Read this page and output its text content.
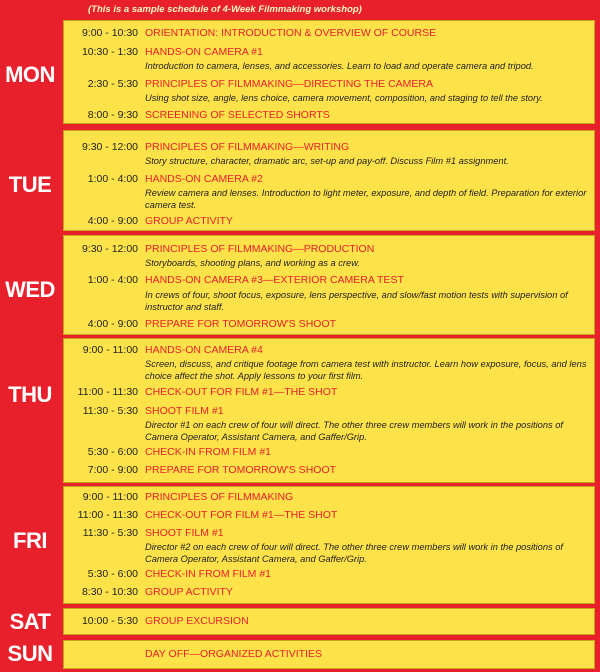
(This is a sample schedule of 4-Week Filmmaking workshop)
MON
9:00 - 10:30 ORIENTATION: INTRODUCTION & OVERVIEW OF COURSE
10:30 - 1:30 HANDS-ON CAMERA #1
Introduction to camera, lenses, and accessories. Learn to load and operate camera and tripod.
2:30 - 5:30 PRINCIPLES OF FILMMAKING—DIRECTING THE CAMERA
Using shot size, angle, lens choice, camera movement, composition, and staging to tell the story.
8:00 - 9:30 SCREENING OF SELECTED SHORTS
TUE
9:30 - 12:00 PRINCIPLES OF FILMMAKING—WRITING
Story structure, character, dramatic arc, set-up and pay-off. Discuss Film #1 assignment.
1:00 - 4:00 HANDS-ON CAMERA #2
Review camera and lenses. Introduction to light meter, exposure, and depth of field. Preparation for exterior camera test.
4:00 - 9:00 GROUP ACTIVITY
WED
9:30 - 12:00 PRINCIPLES OF FILMMAKING—PRODUCTION
Storyboards, shooting plans, and working as a crew.
1:00 - 4:00 HANDS-ON CAMERA #3—EXTERIOR CAMERA TEST
In crews of four, shoot focus, exposure, lens perspective, and slow/fast motion tests with supervision of instructor and staff.
4:00 - 9:00 PREPARE FOR TOMORROW'S SHOOT
THU
9:00 - 11:00 HANDS-ON CAMERA #4
Screen, discuss, and critique footage from camera test with instructor. Learn how exposure, focus, and lens choice affect the shot. Apply lessons to your first film.
11:00 - 11:30 CHECK-OUT FOR FILM #1—THE SHOT
11:30 - 5:30 SHOOT FILM #1
Director #1 on each crew of four will direct. The other three crew members will work in the positions of Camera Operator, Assistant Camera, and Gaffer/Grip.
5:30 - 6:00 CHECK-IN FROM FILM #1
7:00 - 9:00 PREPARE FOR TOMORROW'S SHOOT
FRI
9:00 - 11:00 PRINCIPLES OF FILMMAKING
11:00 - 11:30 CHECK-OUT FOR FILM #1—THE SHOT
11:30 - 5:30 SHOOT FILM #1
Director #2 on each crew of four will direct. The other three crew members will work in the positions of Camera Operator, Assistant Camera, and Gaffer/Grip.
5:30 - 6:00 CHECK-IN FROM FILM #1
8:30 - 10:30 GROUP ACTIVITY
SAT	10:00 - 5:30 GROUP EXCURSION
SUN	DAY OFF—ORGANIZED ACTIVITIES
